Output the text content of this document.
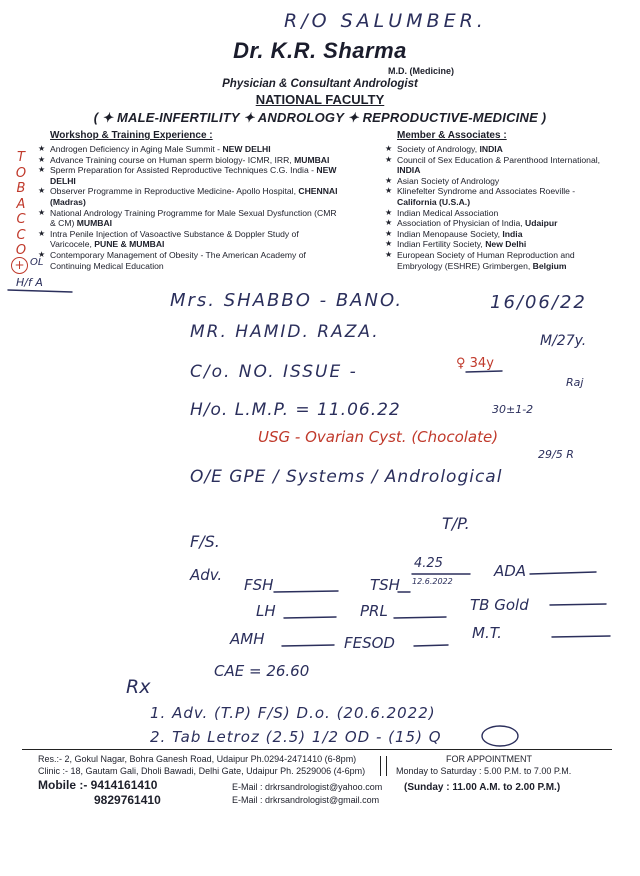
R/O SALUMBER.
Dr. K.R. Sharma
M.D. (Medicine)
Physician & Consultant Andrologist
NATIONAL FACULTY
( ✦ MALE-INFERTILITY ✦ ANDROLOGY ✦ REPRODUCTIVE-MEDICINE )
Workshop & Training Experience :
★ Androgen Deficiency in Aging Male Summit - NEW DELHI
★ Advance Training course on Human sperm biology- ICMR, IRR, MUMBAI
★ Sperm Preparation for Assisted Reproductive Techniques C.G. India - NEW DELHI
★ Observer Programme in Reproductive Medicine- Apollo Hospital, CHENNAI (Madras)
★ National Andrology Training Programme for Male Sexual Dysfunction (CMR & CM) MUMBAI
★ Intra Penile Injection of Vasoactive Substance & Doppler Study of Varicocele, PUNE & MUMBAI
★ Contemporary Management of Obesity - The American Academy of Continuing Medical Education
Member & Associates :
★ Society of Andrology, INDIA
★ Council of Sex Education & Parenthood International, INDIA
★ Asian Society of Andrology
★ Klinefelter Syndrome and Associates Roeville - California (U.S.A.)
★ Indian Medical Association
★ Association of Physician of India, Udaipur
★ Indian Menopause Society, India
★ Indian Fertility Society, New Delhi
★ European Society of Human Reproduction and Embryology (ESHRE) Grimbergen, Belgium
T
O
B
A
C
C
O
+ OL
H/f A
Mrs. SHABBO - BANO.	16/06/22
MR. HAMID. RAZA.	M/27y.
C/o. NO. ISSUE -	♀ 34y
Raj
H/o. L.M.P. = 11.06.22	30±1-2
USG - Ovarian Cyst. (Chocolate)
29/5 R
O/E GPE / Systems / Andrological
T/P.
F/S.
Adv.
FSH	TSH
4.25
12.6.2022
ADA
LH	PRL	TB Gold
AMH	FESOD
M.T.
CAE = 26.60
Rx
1. Adv. (T.P) F/S) D.o. (20.6.2022)
2. Tab Letroz (2.5) 1/2 OD - (15) Q
Res.:- 2, Gokul Nagar, Bohra Ganesh Road, Udaipur Ph.0294-2471410 (6-8pm)
Clinic :- 18, Gautam Gali, Dholi Bawadi, Delhi Gate, Udaipur Ph. 2529006 (4-6pm)
FOR APPOINTMENT
Monday to Saturday : 5.00 P.M. to 7.00 P.M.
Mobile :- 9414161410
9829761410
E-Mail : drkrsandrologist@yahoo.com
E-Mail : drkrsandrologist@gmail.com
(Sunday : 11.00 A.M. to 2.00 P.M.)
